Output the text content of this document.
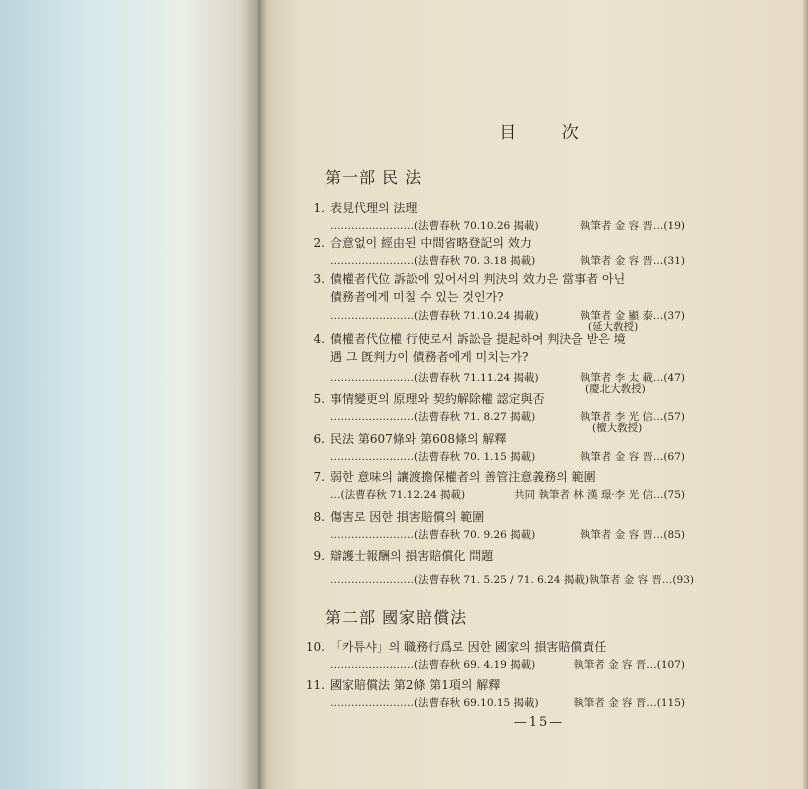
目 次
第一部 民 法
1. 表見代理의 法理
……………………(法曹春秋 70.10.26 揭載)	執筆者 金 容 晋…(19)
2. 合意없이 經由된 中間省略登記의 效力
……………………(法曹春秋 70. 3.18 揭載)	執筆者 金 容 晋…(31)
3. 債權者代位 訴訟에 있어서의 判決의 效力은 當事者 아닌
債務者에게 미칠 수 있는 것인가?
……………………(法曹春秋 71.10.24 揭載)	執筆者 金 顯 泰…(37)
(延大敎授)
4. 債權者代位權 行使로서 訴訟을 提起하여 判決을 받은 境
遇 그 旣判力이 債務者에게 미치는가?
……………………(法曹春秋 71.11.24 揭載)	執筆者 李 太 載…(47)
(慶北大敎授)
5. 事情變更의 原理와 契約解除權 認定與否
……………………(法曹春秋 71. 8.27 揭載)	執筆者 李 光 信…(57)
(檀大敎授)
6. 民法 第607條와 第608條의 解釋
……………………(法曹春秋 70. 1.15 揭載)	執筆者 金 容 晋…(67)
7. 弱한 意味의 讓渡擔保權者의 善管注意義務의 範圍
…(法曹春秋 71.12.24 揭載)	共同 執筆者 林 漢 璟·李 光 信…(75)
8. 傷害로 因한 損害賠償의 範圍
……………………(法曹春秋 70. 9.26 揭載)	執筆者 金 容 晋…(85)
9. 辯護士報酬의 損害賠償化 問題
……………………(法曹春秋 71. 5.25 / 71. 6.24 揭載) 執筆者 金 容 晋…(93)
第二部 國家賠償法
10. 「카튜샤」의 職務行爲로 因한 國家의 損害賠償責任
……………………(法曹春秋 69. 4.19 揭載)	執筆者 金 容 晋…(107)
11. 國家賠償法 第2條 第1項의 解釋
……………………(法曹春秋 69.10.15 揭載)	執筆者 金 容 晋…(115)
—15—
